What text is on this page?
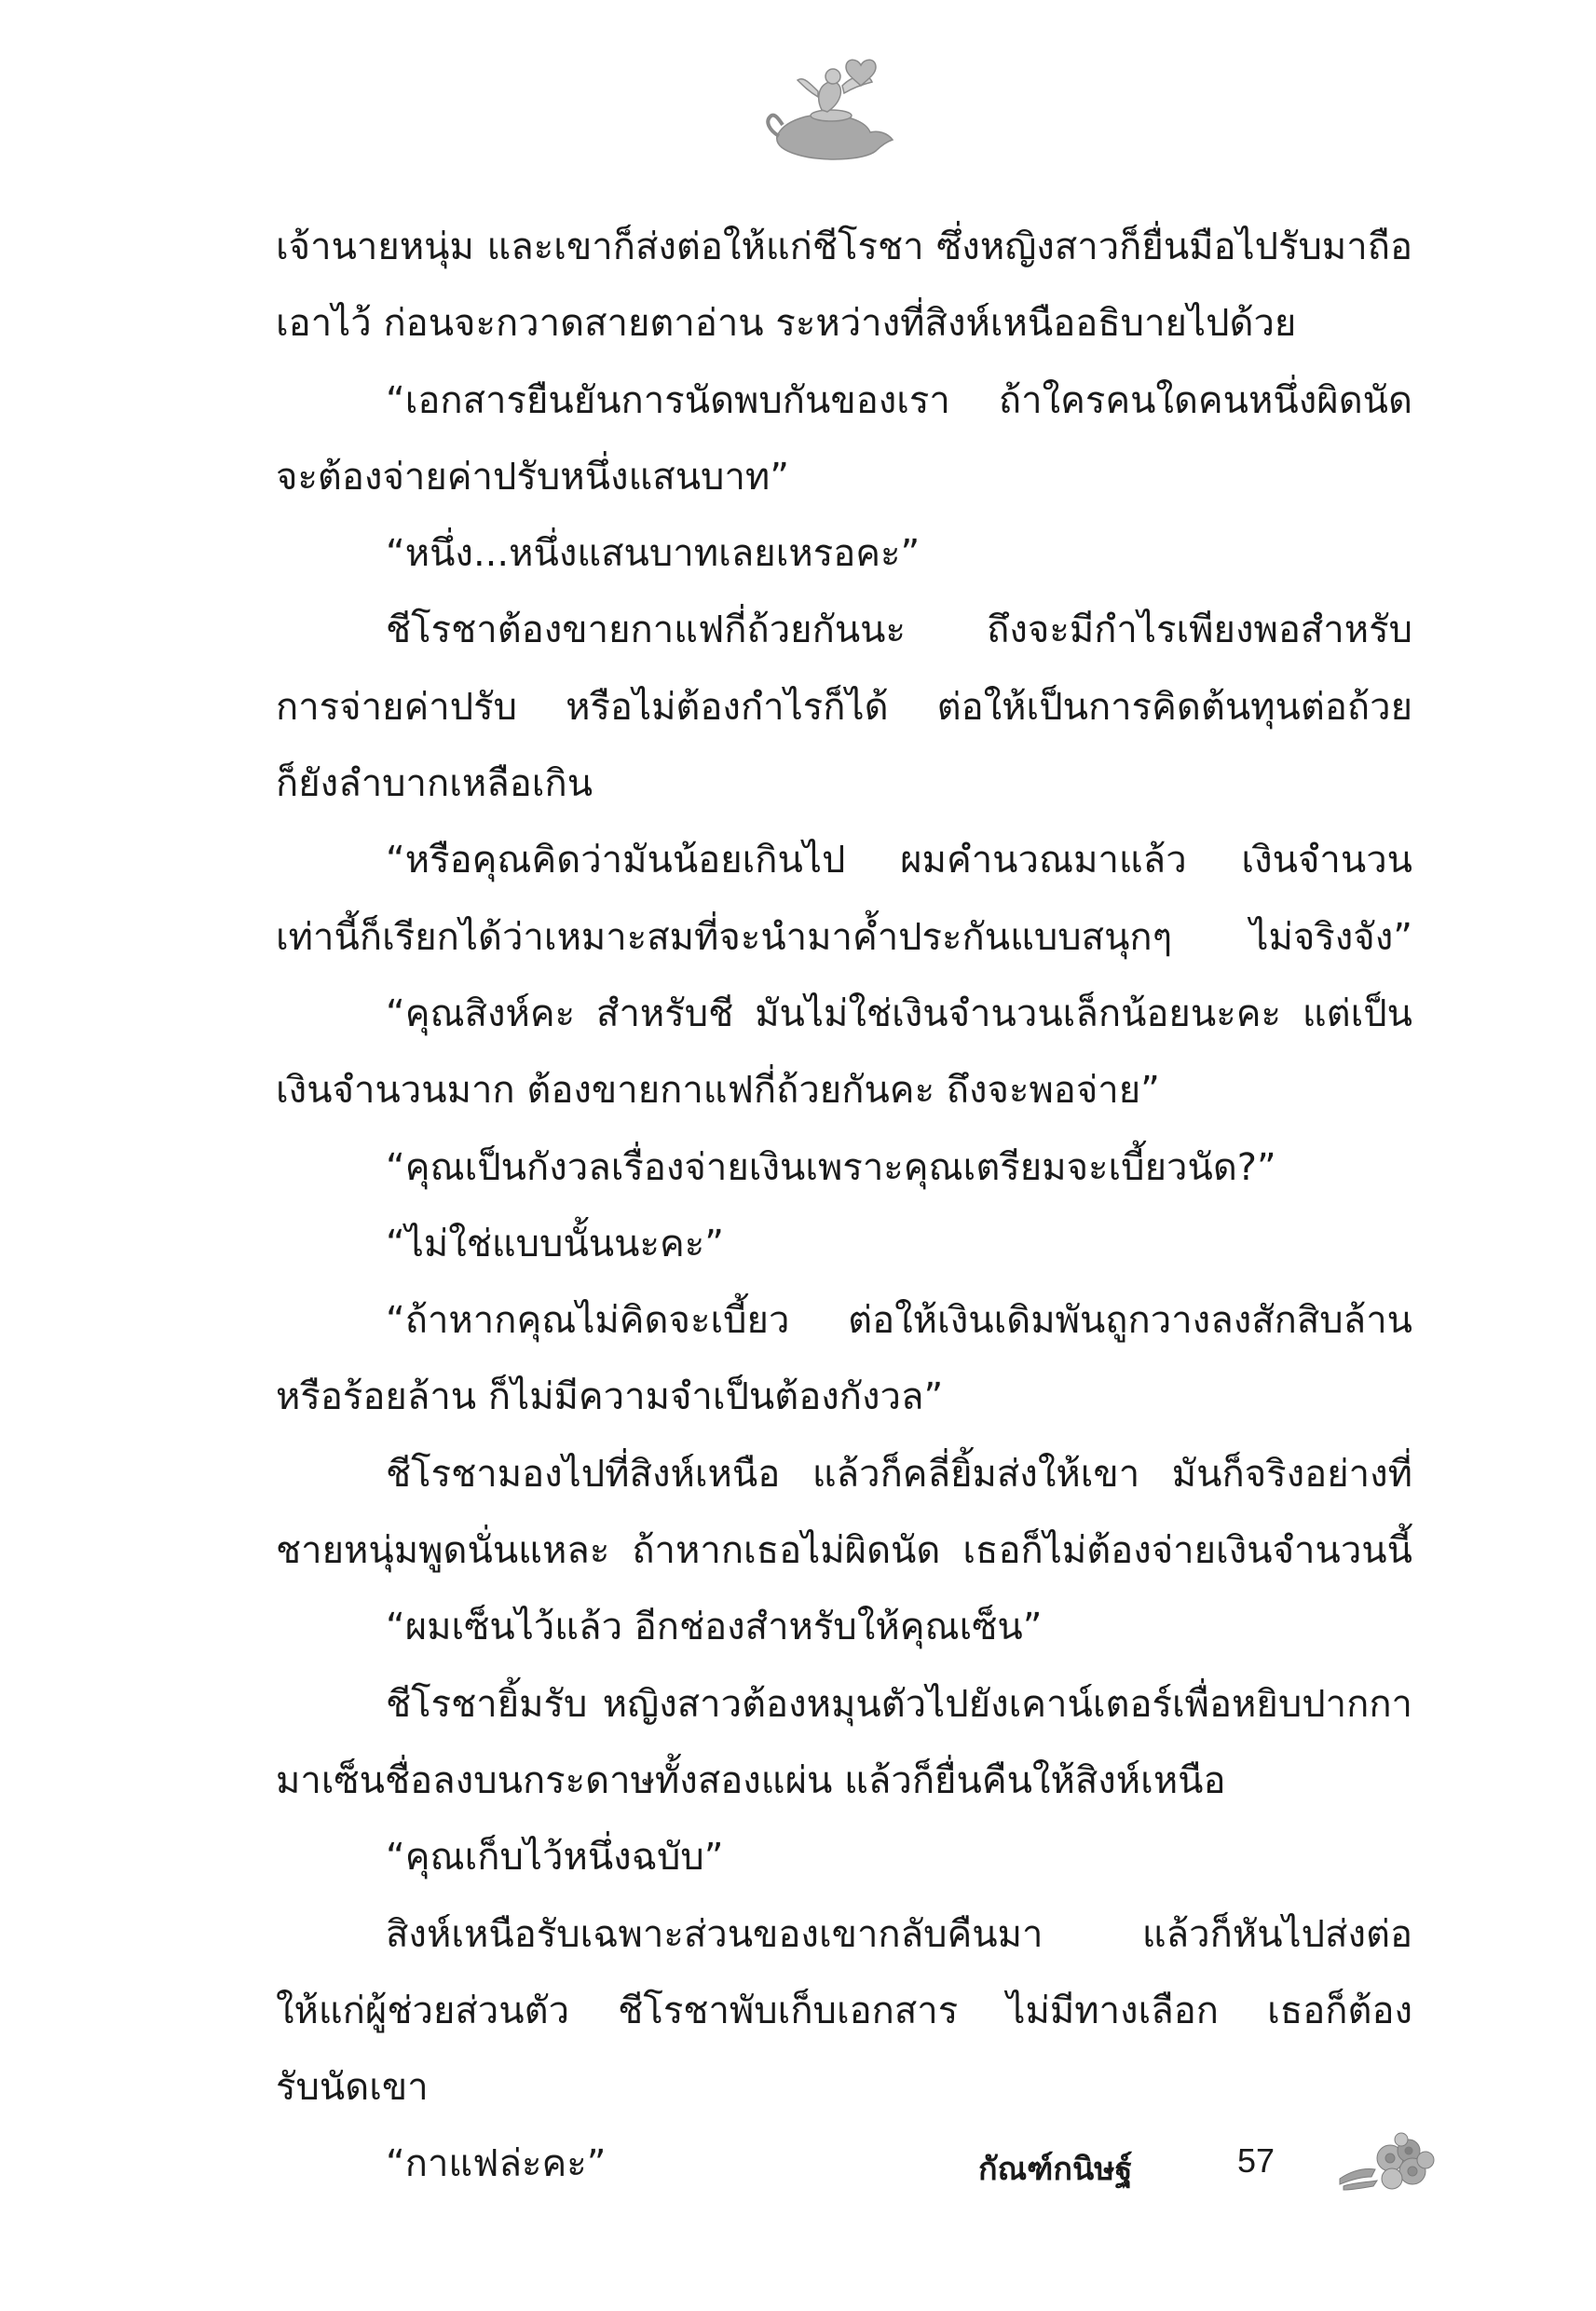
เจ้านายหนุ่ม และเขาก็ส่งต่อให้แก่ชีโรชา ซึ่งหญิงสาวก็ยื่นมือไปรับมาถือ
เอาไว้ ก่อนจะกวาดสายตาอ่าน ระหว่างที่สิงห์เหนืออธิบายไปด้วย
“เอกสารยืนยันการนัดพบกันของเรา ถ้าใครคนใดคนหนึ่งผิดนัด
จะต้องจ่ายค่าปรับหนึ่งแสนบาท”
“หนึ่ง...หนึ่งแสนบาทเลยเหรอคะ”
ชีโรชาต้องขายกาแฟกี่ถ้วยกันนะ ถึงจะมีกำไรเพียงพอสำหรับ
การจ่ายค่าปรับ หรือไม่ต้องกำไรก็ได้ ต่อให้เป็นการคิดต้นทุนต่อถ้วย
ก็ยังลำบากเหลือเกิน
“หรือคุณคิดว่ามันน้อยเกินไป ผมคำนวณมาแล้ว เงินจำนวน
เท่านี้ก็เรียกได้ว่าเหมาะสมที่จะนำมาค้ำประกันแบบสนุกๆ ไม่จริงจัง”
“คุณสิงห์คะ สำหรับชี มันไม่ใช่เงินจำนวนเล็กน้อยนะคะ แต่เป็น
เงินจำนวนมาก ต้องขายกาแฟกี่ถ้วยกันคะ ถึงจะพอจ่าย”
“คุณเป็นกังวลเรื่องจ่ายเงินเพราะคุณเตรียมจะเบี้ยวนัด?”
“ไม่ใช่แบบนั้นนะคะ”
“ถ้าหากคุณไม่คิดจะเบี้ยว ต่อให้เงินเดิมพันถูกวางลงสักสิบล้าน
หรือร้อยล้าน ก็ไม่มีความจำเป็นต้องกังวล”
ชีโรชามองไปที่สิงห์เหนือ แล้วก็คลี่ยิ้มส่งให้เขา มันก็จริงอย่างที่
ชายหนุ่มพูดนั่นแหละ ถ้าหากเธอไม่ผิดนัด เธอก็ไม่ต้องจ่ายเงินจำนวนนี้
“ผมเซ็นไว้แล้ว อีกช่องสำหรับให้คุณเซ็น”
ชีโรชายิ้มรับ หญิงสาวต้องหมุนตัวไปยังเคาน์เตอร์เพื่อหยิบปากกา
มาเซ็นชื่อลงบนกระดาษทั้งสองแผ่น แล้วก็ยื่นคืนให้สิงห์เหนือ
“คุณเก็บไว้หนึ่งฉบับ”
สิงห์เหนือรับเฉพาะส่วนของเขากลับคืนมา แล้วก็หันไปส่งต่อ
ให้แก่ผู้ช่วยส่วนตัว ชีโรชาพับเก็บเอกสาร ไม่มีทางเลือก เธอก็ต้อง
รับนัดเขา
“กาแฟล่ะคะ”	กัณฑ์กนิษฐ์	57
